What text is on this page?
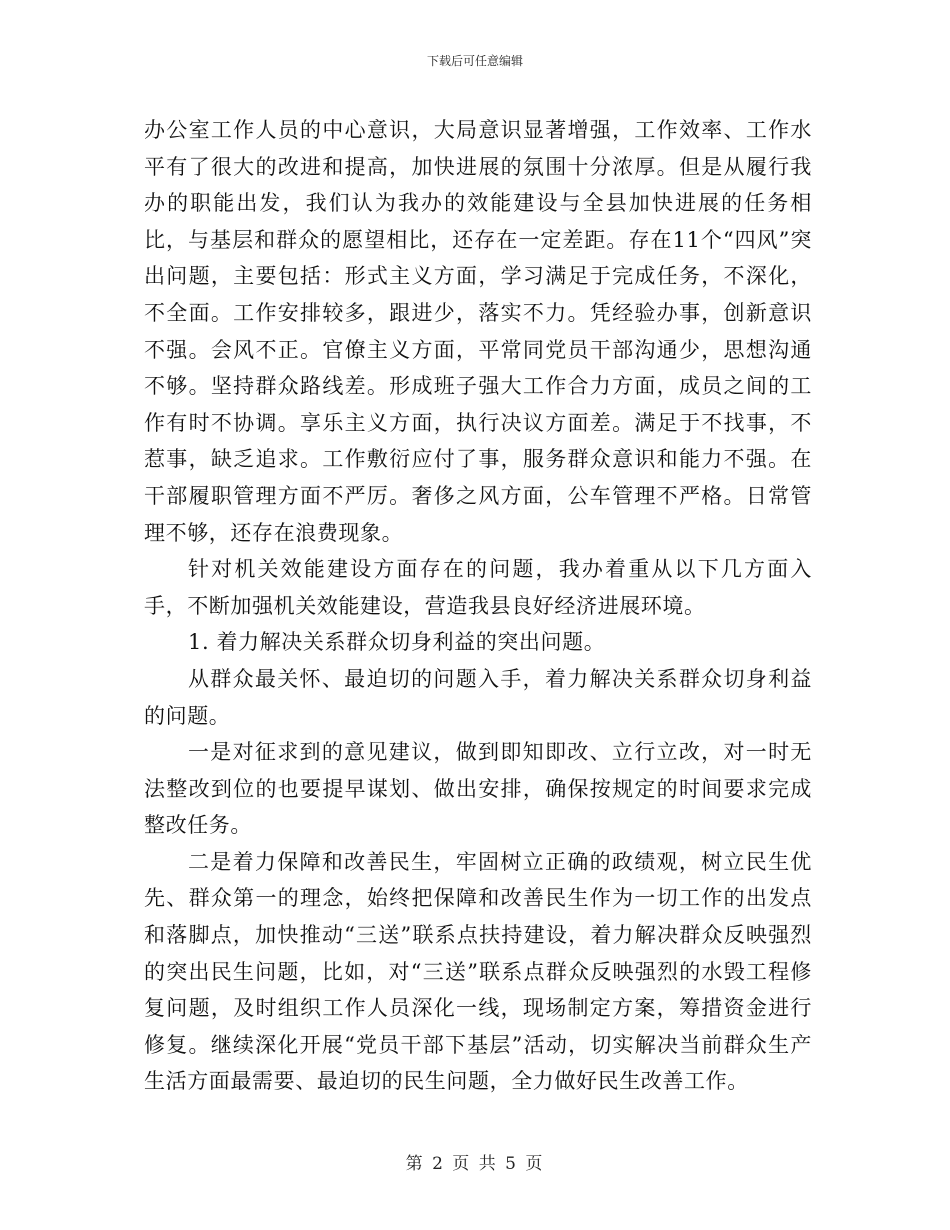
下载后可任意编辑

办公室工作人员的中心意识，大局意识显著增强，工作效率、工作水平有了很大的改进和提高，加快进展的氛围十分浓厚。但是从履行我办的职能出发，我们认为我办的效能建设与全县加快进展的任务相比，与基层和群众的愿望相比，还存在一定差距。存在11个“四风”突出问题，主要包括：形式主义方面，学习满足于完成任务，不深化，不全面。工作安排较多，跟进少，落实不力。凭经验办事，创新意识不强。会风不正。官僚主义方面，平常同党员干部沟通少，思想沟通不够。坚持群众路线差。形成班子强大工作合力方面，成员之间的工作有时不协调。享乐主义方面，执行决议方面差。满足于不找事，不惹事，缺乏追求。工作敷衍应付了事，服务群众意识和能力不强。在干部履职管理方面不严厉。奢侈之风方面，公车管理不严格。日常管理不够，还存在浪费现象。

针对机关效能建设方面存在的问题，我办着重从以下几方面入手，不断加强机关效能建设，营造我县良好经济进展环境。

1. 着力解决关系群众切身利益的突出问题。

从群众最关怀、最迫切的问题入手，着力解决关系群众切身利益的问题。

一是对征求到的意见建议，做到即知即改、立行立改，对一时无法整改到位的也要提早谋划、做出安排，确保按规定的时间要求完成整改任务。

二是着力保障和改善民生，牢固树立正确的政绩观，树立民生优先、群众第一的理念，始终把保障和改善民生作为一切工作的出发点和落脚点，加快推动“三送”联系点扶持建设，着力解决群众反映强烈的突出民生问题，比如，对“三送”联系点群众反映强烈的水毁工程修复问题，及时组织工作人员深化一线，现场制定方案，筹措资金进行修复。继续深化开展“党员干部下基层”活动，切实解决当前群众生产生活方面最需要、最迫切的民生问题，全力做好民生改善工作。

第 2 页 共 5 页
